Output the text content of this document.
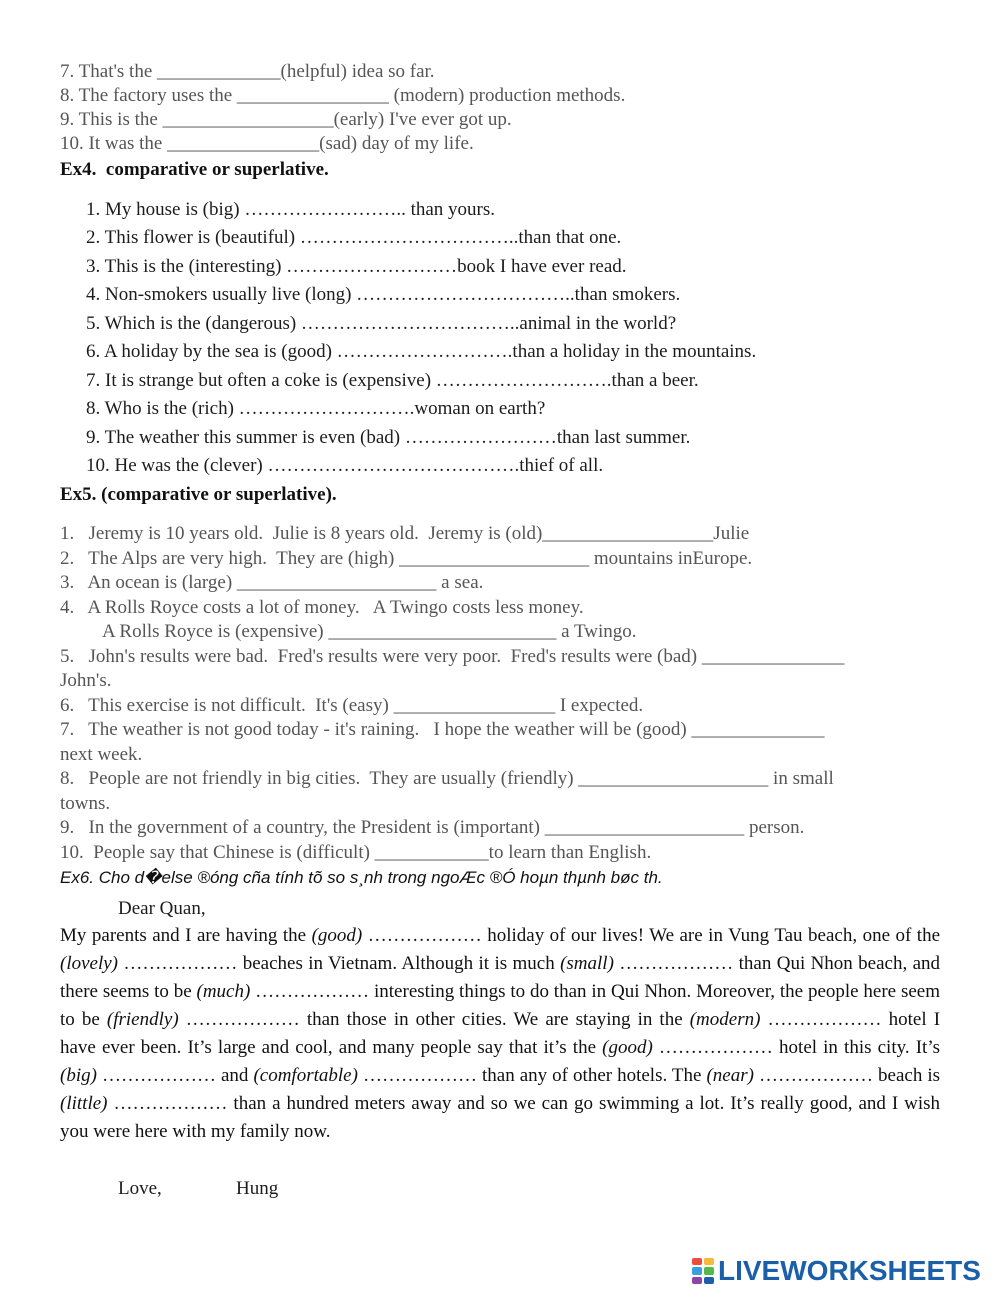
7. That's the _____________(helpful) idea so far.
8. The factory uses the ________________ (modern) production methods.
9. This is the __________________(early) I've ever got up.
10. It was the ________________(sad) day of my life.
Ex4.  comparative or superlative.
1. My house is (big) …………………….. than yours.
2. This flower is (beautiful) ……………………………..than that one.
3. This is the (interesting) ………………………book I have ever read.
4. Non-smokers usually live (long) ……………………………..than smokers.
5. Which is the (dangerous) ……………………………..animal in the world?
6. A holiday by the sea is (good) ……………………….than a holiday in the mountains.
7. It is strange but often a coke is (expensive) ……………………….than a beer.
8. Who is the (rich) ……………………….woman on earth?
9. The weather this summer is even (bad) ……………………than last summer.
10. He was the (clever) ………………………………….thief of all.
Ex5. (comparative or superlative).
1.   Jeremy is 10 years old.  Julie is 8 years old.  Jeremy is (old)__________________Julie
2.   The Alps are very high.  They are (high) ____________________ mountains inEurope.
3.   An ocean is (large) _____________________ a sea.
4.   A Rolls Royce costs a lot of money.   A Twingo costs less money.
A Rolls Royce is (expensive) ________________________ a Twingo.
5.   John's results were bad.  Fred's results were very poor.  Fred's results were (bad) _______________
John's.
6.   This exercise is not difficult.  It's (easy) _________________ I expected.
7.   The weather is not good today - it's raining.   I hope the weather will be (good) ______________
next week.
8.   People are not friendly in big cities.  They are usually (friendly) ____________________ in small
towns.
9.   In the government of a country, the President is (important) _____________________ person.
10.  People say that Chinese is (difficult) ____________to learn than English.
Ex6. Cho d�else ®óng cña tính tõ so s¸nh trong ngoÆc ®Ó hoµn thµnh bøc th.
Dear Quan,
My parents and I are having the (good) ……………… holiday of our lives! We are in Vung Tau beach, one of the (lovely) ……………… beaches in Vietnam. Although it is much (small) ……………… than Qui Nhon beach, and there seems to be (much) ……………… interesting things to do than in Qui Nhon. Moreover, the people here seem to be (friendly) ……………… than those in other cities. We are staying in the (modern) ……………… hotel I have ever been. It’s large and cool, and many people say that it’s the (good) ……………… hotel in this city. It’s (big) ……………… and (comfortable) ……………… than any of other hotels. The (near) ……………… beach is (little) ……………… than a hundred meters away and so we can go swimming a lot. It’s really good, and I wish you were here with my family now.
Love,	Hung
LIVEWORKSHEETS
